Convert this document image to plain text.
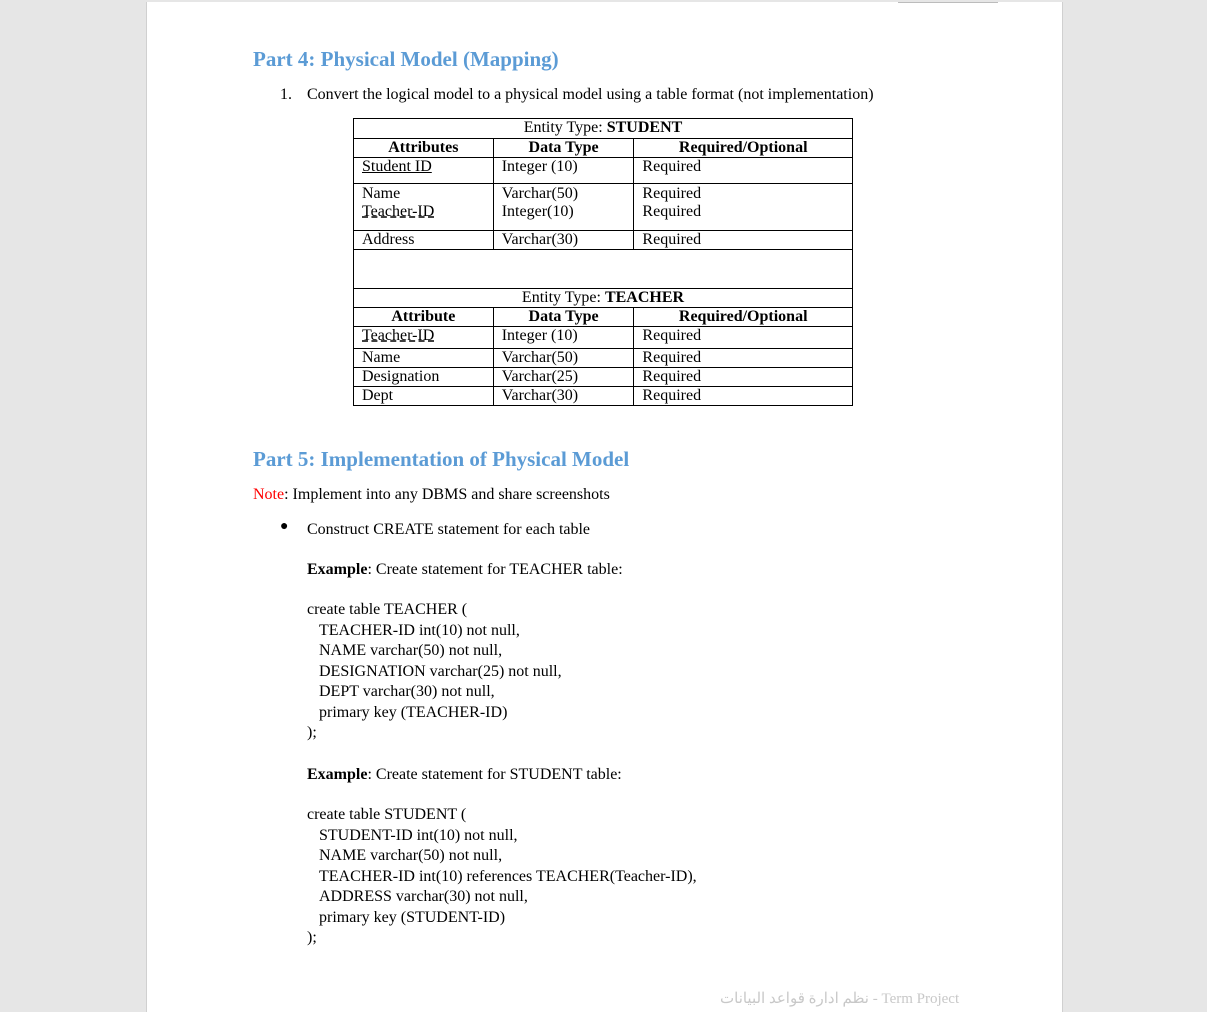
Part 4: Physical Model (Mapping)
1. Convert the logical model to a physical model using a table format (not implementation)
Entity Type: STUDENT		
Attributes	Data Type	Required/Optional
Student ID	Integer (10)	Required
Name	Varchar(50)	Required
Teacher-ID	Integer(10)	Required
Address	Varchar(30)	Required

Entity Type: TEACHER		
Attribute	Data Type	Required/Optional
Teacher-ID	Integer (10)	Required
Name	Varchar(50)	Required
Designation	Varchar(25)	Required
Dept	Varchar(30)	Required
Part 5: Implementation of Physical Model
Note: Implement into any DBMS and share screenshots
● Construct CREATE statement for each table
Example: Create statement for TEACHER table:
create table TEACHER (
TEACHER-ID int(10) not null,
NAME varchar(50) not null,
DESIGNATION varchar(25) not null,
DEPT varchar(30) not null,
primary key (TEACHER-ID)
);
Example: Create statement for STUDENT table:
create table STUDENT (
STUDENT-ID int(10) not null,
NAME varchar(50) not null,
TEACHER-ID int(10) references TEACHER(Teacher-ID),
ADDRESS varchar(30) not null,
primary key (STUDENT-ID)
);
نظم ادارة قواعد البيانات - Term Project
